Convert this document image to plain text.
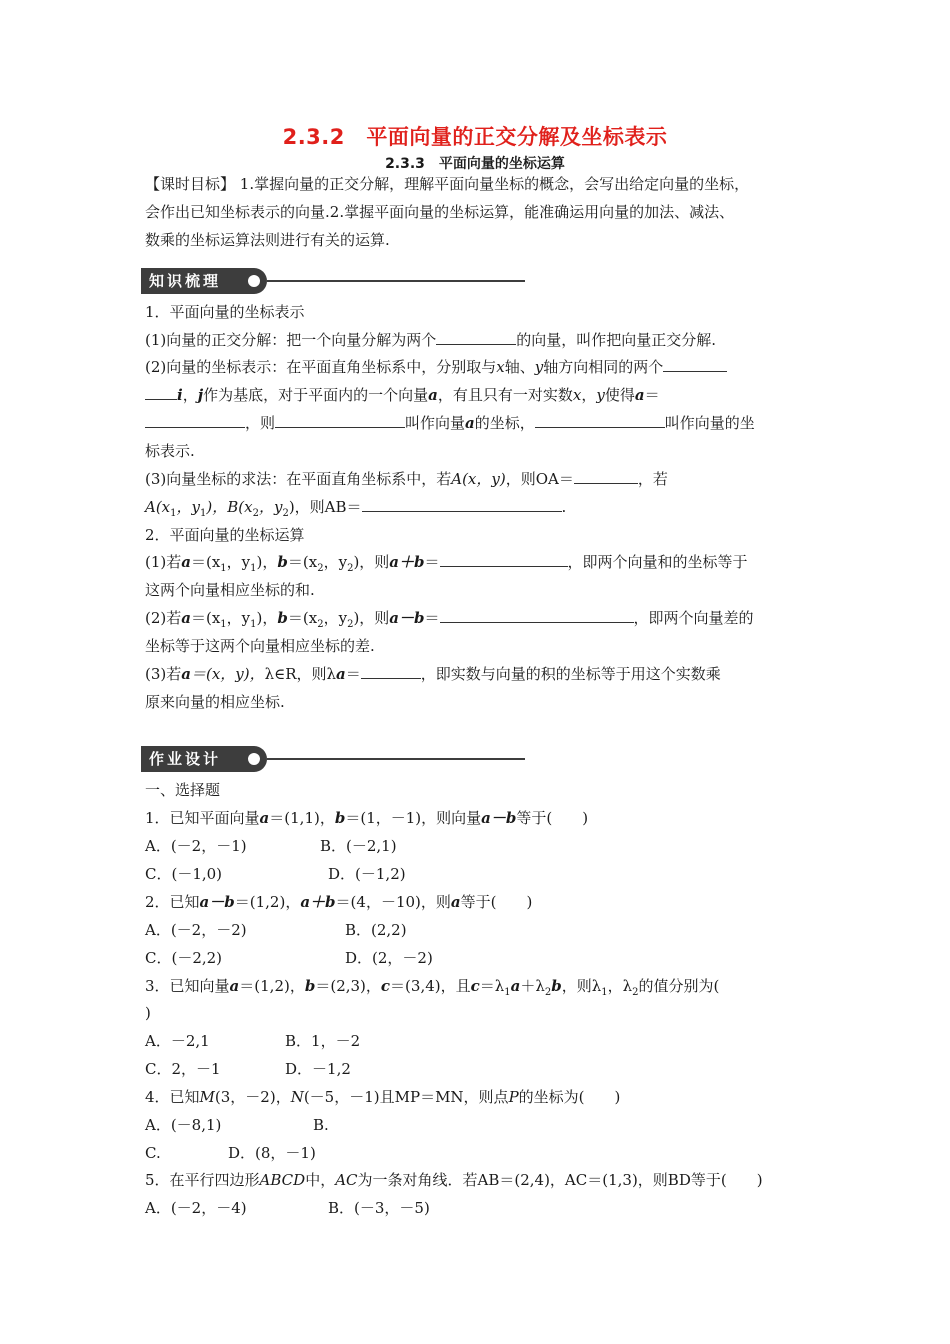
2.3.2　平面向量的正交分解及坐标表示
2.3.3　平面向量的坐标运算
【课时目标】 1.掌握向量的正交分解，理解平面向量坐标的概念，会写出给定向量的坐标，
会作出已知坐标表示的向量.2.掌握平面向量的坐标运算，能准确运用向量的加法、减法、
数乘的坐标运算法则进行有关的运算.
知识梳理
1．平面向量的坐标表示
(1)向量的正交分解：把一个向量分解为两个	的向量，叫作把向量正交分解.
(2)向量的坐标表示：在平面直角坐标系中，分别取与x轴、y轴方向相同的两个
i，j作为基底，对于平面内的一个向量a，有且只有一对实数x，y使得a＝
，则	叫作向量a的坐标，	叫作向量的坐
标表示.
(3)向量坐标的求法：在平面直角坐标系中，若A(x，y)，则OA＝	，若
$A(x_1$，$y_1$)，$B(x_2$，$y_2$)，则AB＝	.
2．平面向量的坐标运算
(1)若$a=(x_1$，$y_1$)，$b=(x_2$，$y_2$)，则a＋b＝	，即两个向量和的坐标等于
这两个向量相应坐标的和.
(2)若$a=(x_1$，$y_1$)，$b=(x_2$，$y_2$)，则a－b＝	，即两个向量差的
坐标等于这两个向量相应坐标的差.
(3)若a＝(x，y)，λ∈R，则λa＝	，即实数与向量的积的坐标等于用这个实数乘
原来向量的相应坐标.
作业设计
一、选择题
1．已知平面向量a＝(1,1)，b＝(1，－1)，则向量a－b等于(　　)
A．(－2，－1)	B．(－2,1)
C．(－1,0)	D．(－1,2)
2．已知a－b＝(1,2)，a＋b＝(4，－10)，则a等于(　　)
A．(－2，－2)	B．(2,2)
C．(－2,2)	D．(2，－2)
3．已知向量a＝(1,2)，b＝(2,3)，c＝(3,4)，且$c=\lambda_1a+\lambda_2b$，则$\lambda_1$，$\lambda_2$的值分别为(
)
A．－2,1	B．1，－2
C．2，－1	D．－1,2
4．已知M(3，－2)，N(－5，－1)且MP＝MN，则点P的坐标为(　　)
A．(－8,1)	B.
C.	D．(8，－1)
5．在平行四边形ABCD中，AC为一条对角线．若AB＝(2,4)，AC＝(1,3)，则BD等于(　　)
A．(－2，－4)	B．(－3，－5)
